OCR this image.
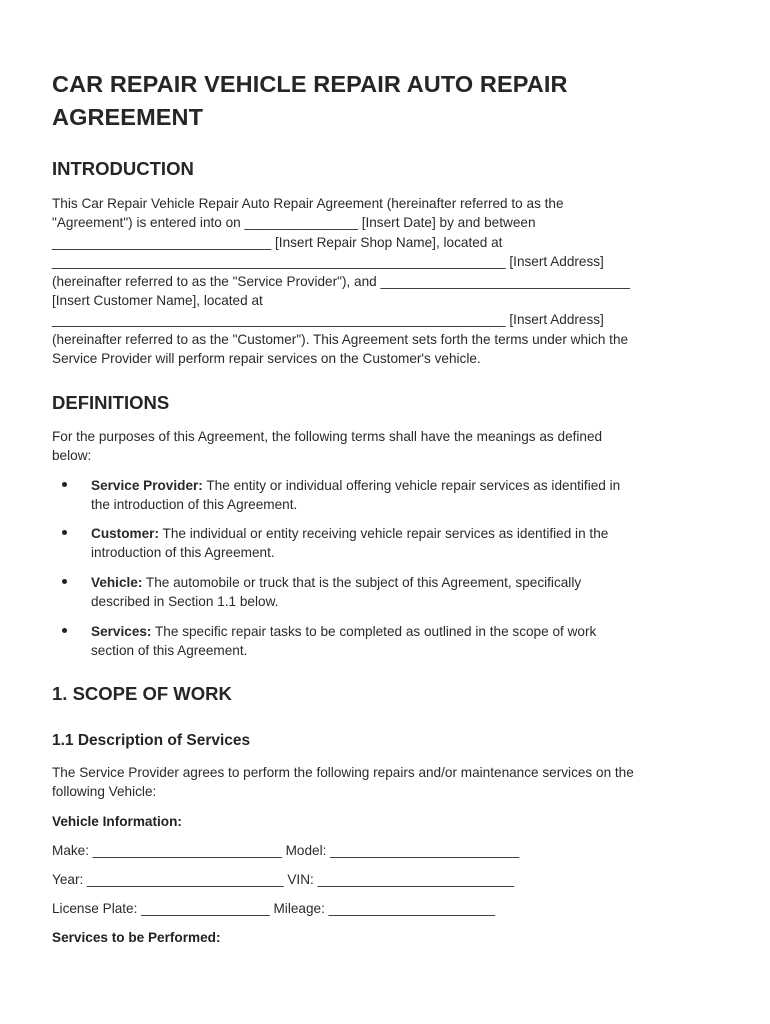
CAR REPAIR VEHICLE REPAIR AUTO REPAIR
AGREEMENT
INTRODUCTION
This Car Repair Vehicle Repair Auto Repair Agreement (hereinafter referred to as the
"Agreement") is entered into on _______________ [Insert Date] by and between
_____________________________ [Insert Repair Shop Name], located at
____________________________________________________________ [Insert Address]
(hereinafter referred to as the "Service Provider"), and _________________________________
[Insert Customer Name], located at
____________________________________________________________ [Insert Address]
(hereinafter referred to as the "Customer"). This Agreement sets forth the terms under which the
Service Provider will perform repair services on the Customer's vehicle.
DEFINITIONS
For the purposes of this Agreement, the following terms shall have the meanings as defined
below:
Service Provider: The entity or individual offering vehicle repair services as identified in
the introduction of this Agreement.
Customer: The individual or entity receiving vehicle repair services as identified in the
introduction of this Agreement.
Vehicle: The automobile or truck that is the subject of this Agreement, specifically
described in Section 1.1 below.
Services: The specific repair tasks to be completed as outlined in the scope of work
section of this Agreement.
1. SCOPE OF WORK
1.1 Description of Services
The Service Provider agrees to perform the following repairs and/or maintenance services on the
following Vehicle:
Vehicle Information:
Make: _________________________ Model: _________________________
Year: __________________________ VIN: __________________________
License Plate: _________________ Mileage: ______________________
Services to be Performed:
